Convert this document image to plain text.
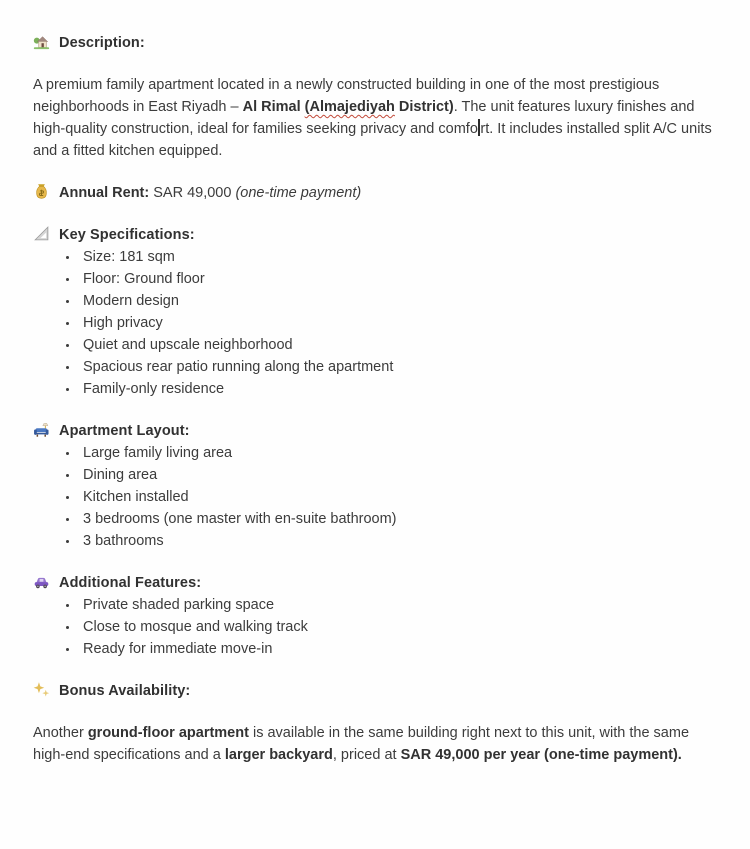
Description:

A premium family apartment located in a newly constructed building in one of the most prestigious neighborhoods in East Riyadh – Al Rimal (Almajediyah District). The unit features luxury finishes and high-quality construction, ideal for families seeking privacy and comfo rt. It includes installed split A/C units and a fitted kitchen equipped.

Annual Rent: SAR 49,000 (one-time payment)

Key Specifications:
• Size: 181 sqm
• Floor: Ground floor
• Modern design
• High privacy
• Quiet and upscale neighborhood
• Spacious rear patio running along the apartment
• Family-only residence
Apartment Layout:
• Large family living area
• Dining area
• Kitchen installed
• 3 bedrooms (one master with en-suite bathroom)
• 3 bathrooms
Additional Features:
• Private shaded parking space
• Close to mosque and walking track
• Ready for immediate move-in
Bonus Availability:

Another ground-floor apartment is available in the same building right next to this unit, with the same high-end specifications and a larger backyard, priced at SAR 49,000 per year (one-time payment).
